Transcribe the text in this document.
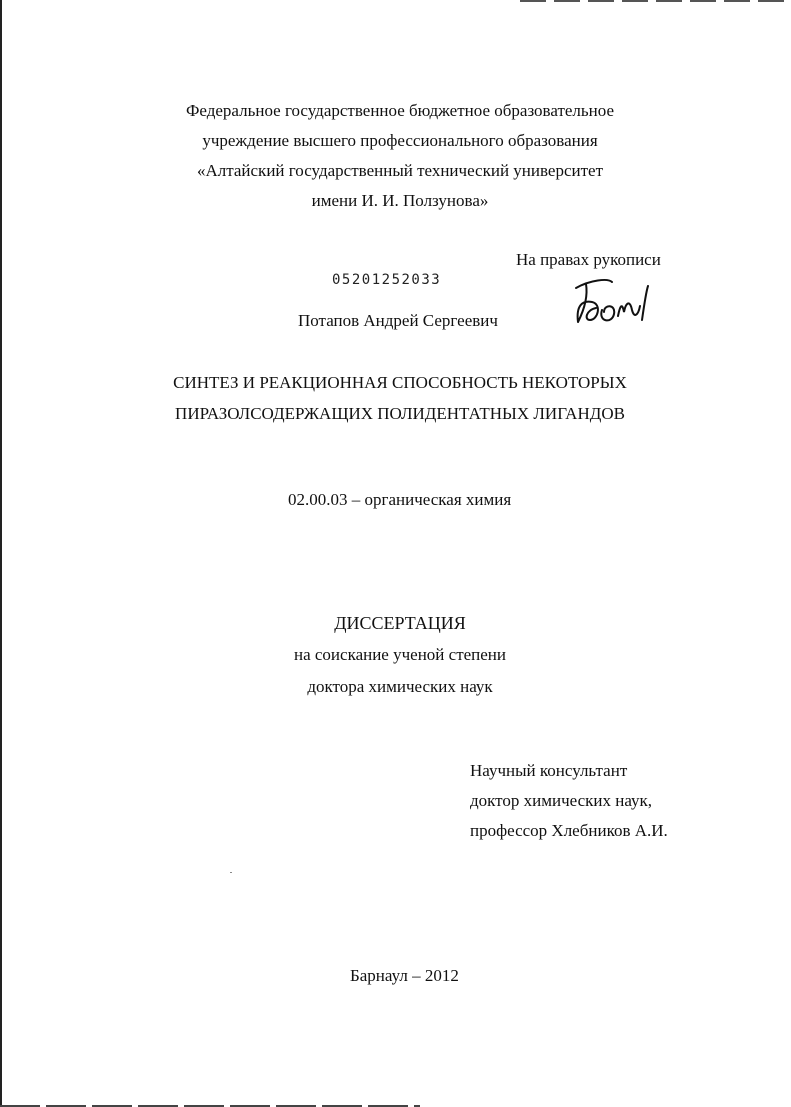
Федеральное государственное бюджетное образовательное
учреждение высшего профессионального образования
«Алтайский государственный технический университет
имени И. И. Ползунова»
На правах рукописи
05201252033
Потапов Андрей Сергеевич
СИНТЕЗ И РЕАКЦИОННАЯ СПОСОБНОСТЬ НЕКОТОРЫХ
ПИРАЗОЛСОДЕРЖАЩИХ ПОЛИДЕНТАТНЫХ ЛИГАНДОВ
02.00.03 – органическая химия
ДИССЕРТАЦИЯ
на соискание ученой степени
доктора химических наук
Научный консультант
доктор химических наук,
профессор Хлебников А.И.
Барнаул – 2012
